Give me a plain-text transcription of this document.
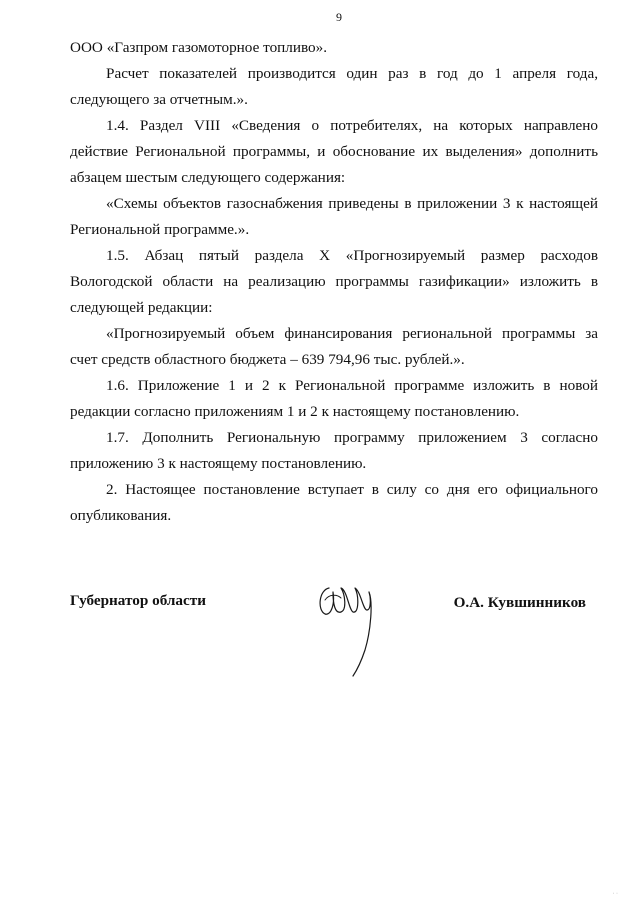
9

ООО «Газпром газомоторное топливо».

Расчет показателей производится один раз в год до 1 апреля года, следующего за отчетным.».

1.4. Раздел VIII «Сведения о потребителях, на которых направлено действие Региональной программы, и обоснование их выделения» дополнить абзацем шестым следующего содержания:

«Схемы объектов газоснабжения приведены в приложении 3 к настоящей Региональной программе.».

1.5. Абзац пятый раздела X «Прогнозируемый размер расходов Вологодской области на реализацию программы газификации» изложить в следующей редакции:

«Прогнозируемый объем финансирования региональной программы за счет средств областного бюджета – 639 794,96 тыс. рублей.».

1.6. Приложение 1 и 2 к Региональной программе изложить в новой редакции согласно приложениям 1 и 2 к настоящему постановлению.

1.7. Дополнить Региональную программу приложением 3 согласно приложению 3 к настоящему постановлению.

2. Настоящее постановление вступает в силу со дня его официального опубликования.

Губернатор области	О.А. Кувшинников
· ·
